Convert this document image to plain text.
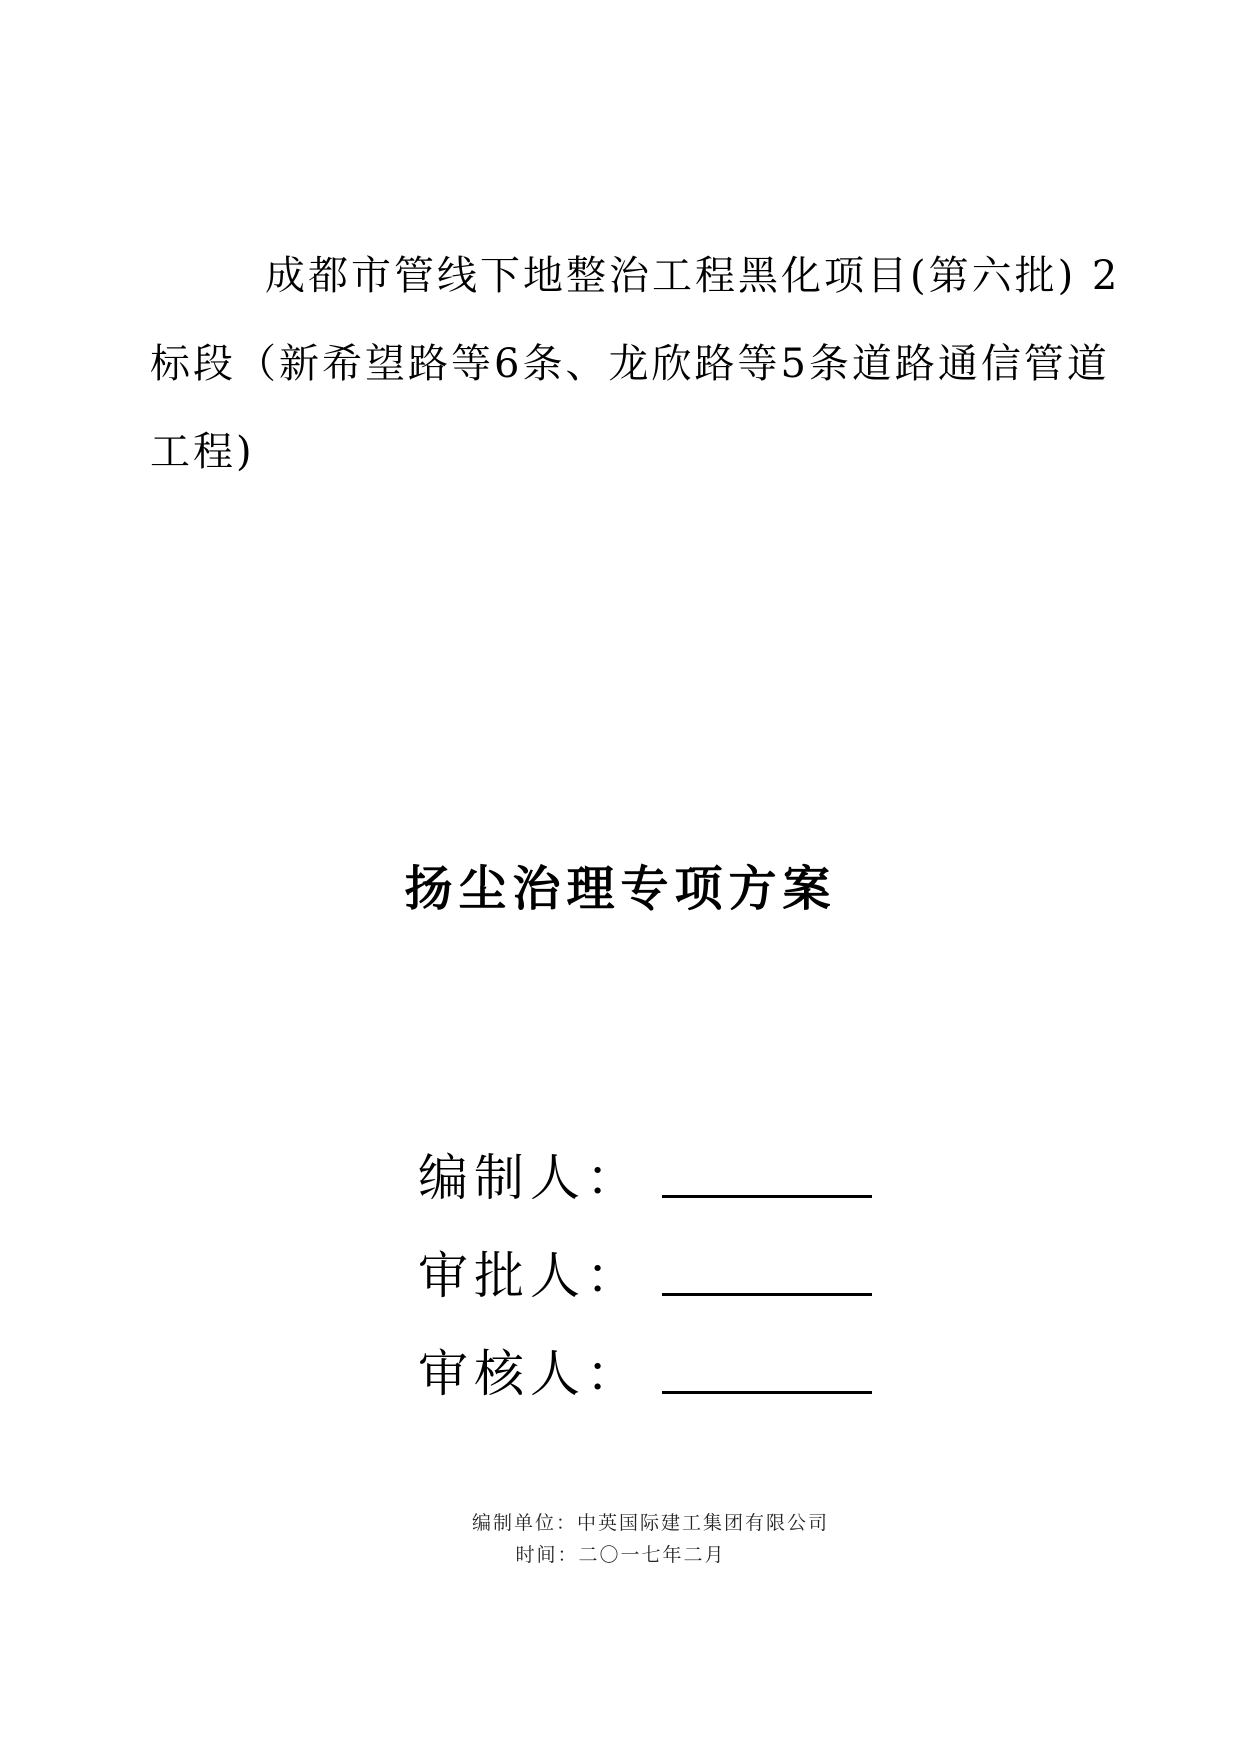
成都市管线下地整治工程黑化项目(第六批) 2标段（新希望路等6条、龙欣路等5条道路通信管道工程)

扬尘治理专项方案
编制人：
审批人：
审核人：
编制单位：中英国际建工集团有限公司
时间：二〇一七年二月
